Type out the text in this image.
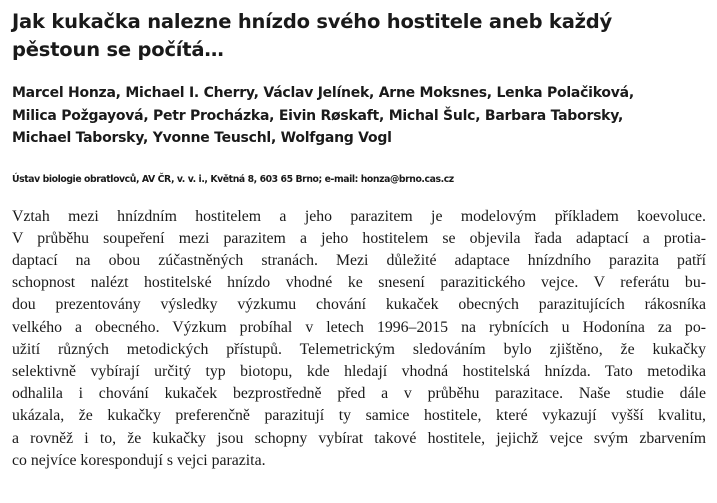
Jak kukačka nalezne hnízdo svého hostitele aneb každý
pěstoun se počítá…
Marcel Honza, Michael I. Cherry, Václav Jelínek, Arne Moksnes, Lenka Polačiková,
Milica Požgayová, Petr Procházka, Eivin Røskaft, Michal Šulc, Barbara Taborsky,
Michael Taborsky, Yvonne Teuschl, Wolfgang Vogl
Ústav biologie obratlovců, AV ČR, v. v. i., Květná 8, 603 65 Brno; e-mail: honza@brno.cas.cz
Vztah mezi hnízdním hostitelem a jeho parazitem je modelovým příkladem koevoluce.
V průběhu soupeření mezi parazitem a jeho hostitelem se objevila řada adaptací a protia-
daptací na obou zúčastněných stranách. Mezi důležité adaptace hnízdního parazita patří
schopnost nalézt hostitelské hnízdo vhodné ke snesení parazitického vejce. V referátu bu-
dou prezentovány výsledky výzkumu chování kukaček obecných parazitujících rákosníka
velkého a obecného. Výzkum probíhal v letech 1996–2015 na rybnících u Hodonína za po-
užití různých metodických přístupů. Telemetrickým sledováním bylo zjištěno, že kukačky
selektivně vybírají určitý typ biotopu, kde hledají vhodná hostitelská hnízda. Tato metodika
odhalila i chování kukaček bezprostředně před a v průběhu parazitace. Naše studie dále
ukázala, že kukačky preferenčně parazitují ty samice hostitele, které vykazují vyšší kvalitu,
a rovněž i to, že kukačky jsou schopny vybírat takové hostitele, jejichž vejce svým zbarvením
co nejvíce korespondují s vejci parazita.
